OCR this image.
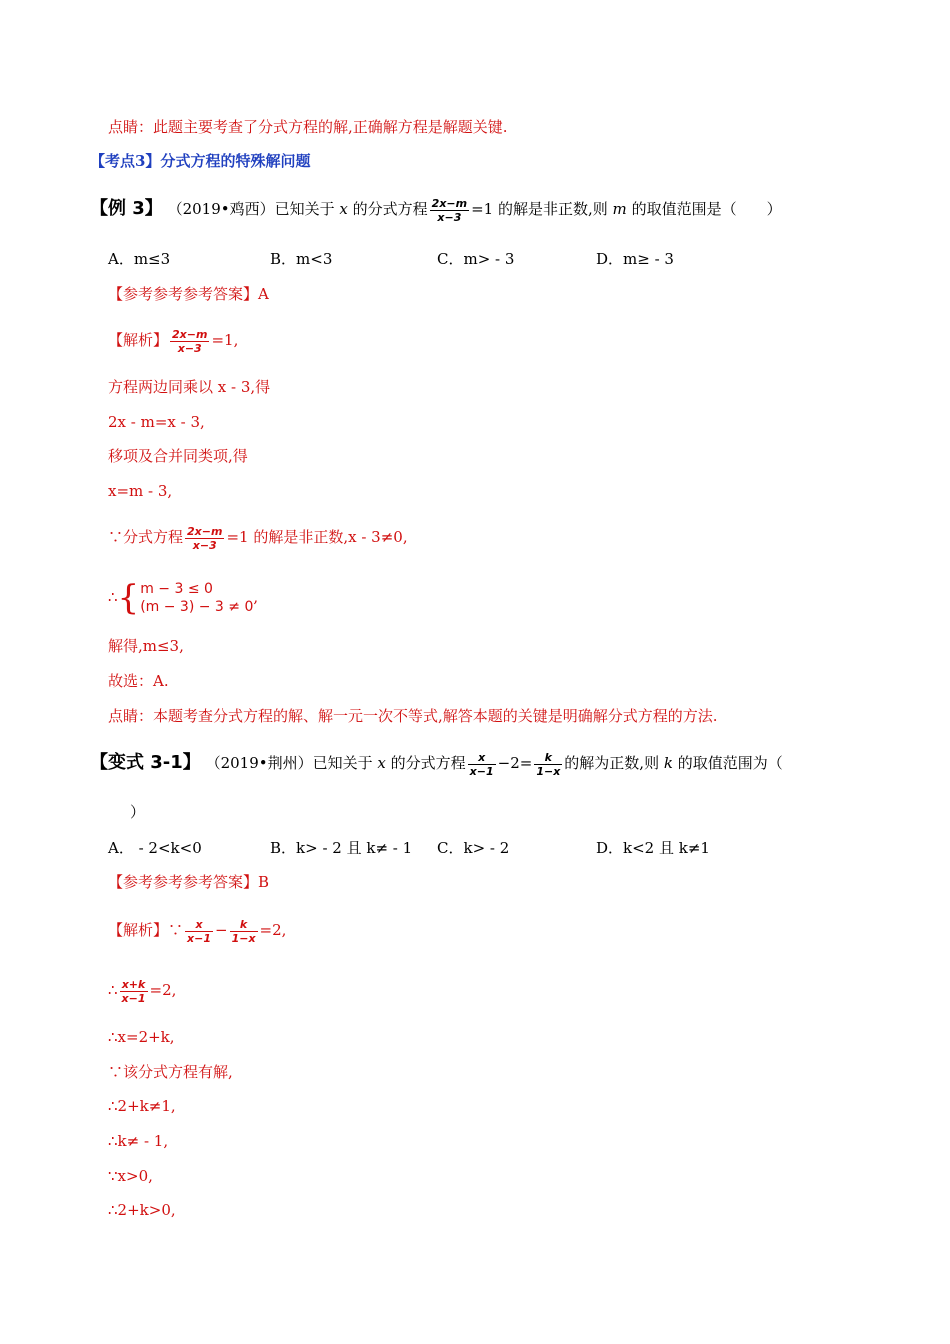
点睛：此题主要考查了分式方程的解,正确解方程是解题关键.
【考点3】分式方程的特殊解问题
【例 3】 （2019•鸡西）已知关于 x 的分式方程 $\frac{2x-m}{x-3} =1$ 的解是非正数,则 m 的取值范围是（　　）
A．m≤3	B．m<3	C．m> - 3	D．m≥ - 3
【参考参考参考答案】A
【解析】 $\frac{2x-m}{x-3} =1$,
方程两边同乘以 x - 3,得
2x - m=x - 3,
移项及合并同类项,得
x=m - 3,
∵分式方程 $\frac{2x-m}{x-3} =1$ 的解是非正数,x - 3≠0,
∴{ m − 3 ≤ 0
(m − 3) − 3 ≠ 0
,
解得,m≤3,
故选：A.
点睛：本题考查分式方程的解、解一元一次不等式,解答本题的关键是明确解分式方程的方法.
【变式 3-1】 （2019•荆州）已知关于 x 的分式方程 $\frac{x}{x-1} -2= \frac{k}{1-x}$ 的解为正数,则 k 的取值范围为（
）
A． - 2<k<0	B．k> - 2 且 k≠ - 1 C．k> - 2	D．k<2 且 k≠1
【参考参考参考答案】B
【解析】∵ $\frac{x}{x-1} - \frac{k}{1-x} =2$,
∴ $\frac{x+k}{x-1} =2$,
∴x=2+k,
∵该分式方程有解,
∴2+k≠1,
∴k≠ - 1,
∵x>0,
∴2+k>0,
